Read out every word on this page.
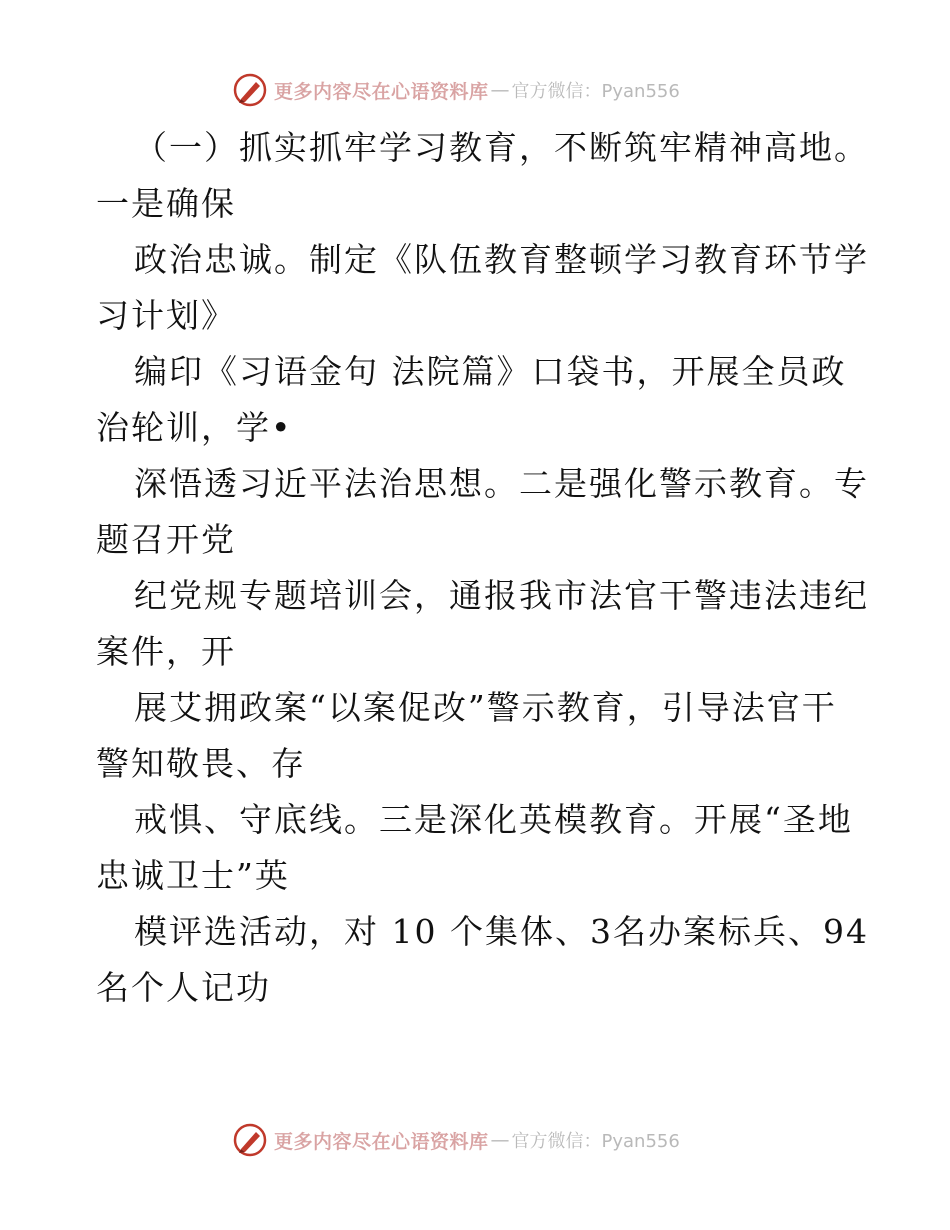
更多内容尽在心语资料库 — 官方微信：Pyan556
（一）抓实抓牢学习教育，不断筑牢精神高地。
一是确保
政治忠诚。制定《队伍教育整顿学习教育环节学
习计划》
编印《习语金句 法院篇》口袋书，开展全员政
治轮训，学•
深悟透习近平法治思想。二是强化警示教育。专
题召开党
纪党规专题培训会，通报我市法官干警违法违纪
案件，开
展艾拥政案“以案促改”警示教育，引导法官干
警知敬畏、存
戒惧、守底线。三是深化英模教育。开展“圣地
忠诚卫士”英
模评选活动，对 10 个集体、3名办案标兵、94
名个人记功
更多内容尽在心语资料库 — 官方微信：Pyan556
